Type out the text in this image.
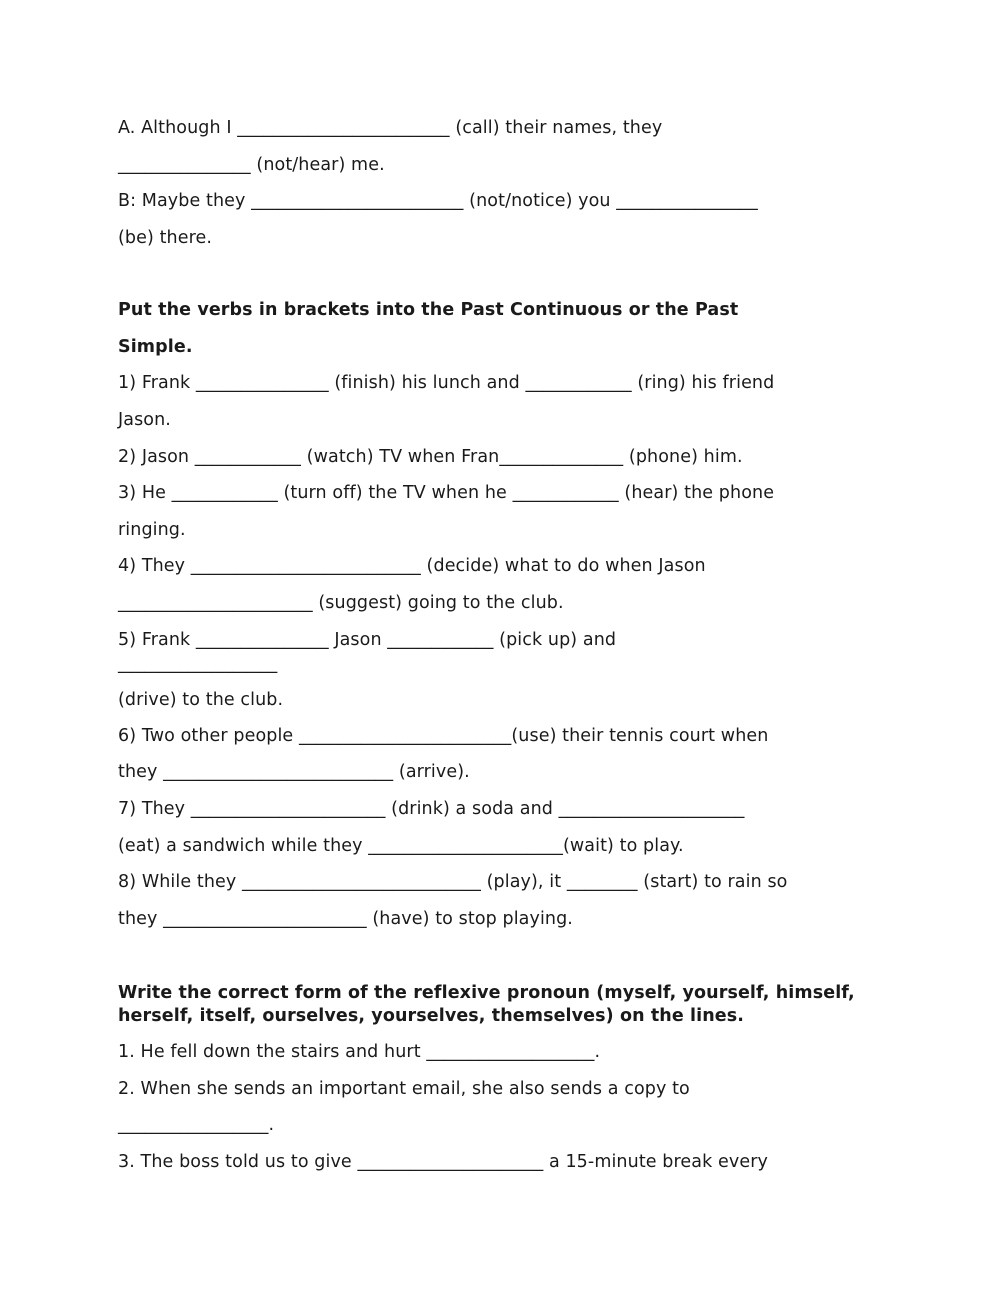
A. Although I ________________________ (call) their names, they
_______________ (not/hear) me.
B: Maybe they ________________________ (not/notice) you ________________
(be) there.
Put the verbs in brackets into the Past Continuous or the Past
Simple.
1) Frank _______________ (finish) his lunch and ____________ (ring) his friend
Jason.
2) Jason ____________ (watch) TV when Fran______________ (phone) him.
3) He ____________ (turn off) the TV when he ____________ (hear) the phone
ringing.
4) They __________________________ (decide) what to do when Jason
______________________ (suggest) going to the club.
5) Frank _______________ Jason ____________ (pick up) and
__________________
(drive) to the club.
6) Two other people ________________________(use) their tennis court when
they __________________________ (arrive).
7) They ______________________ (drink) a soda and _____________________
(eat) a sandwich while they ______________________(wait) to play.
8) While they ___________________________ (play), it ________ (start) to rain so
they _______________________ (have) to stop playing.
Write the correct form of the reflexive pronoun (myself, yourself, himself,
herself, itself, ourselves, yourselves, themselves) on the lines.
1. He fell down the stairs and hurt ___________________.
2. When she sends an important email, she also sends a copy to
_________________.
3. The boss told us to give _____________________ a 15-minute break every
